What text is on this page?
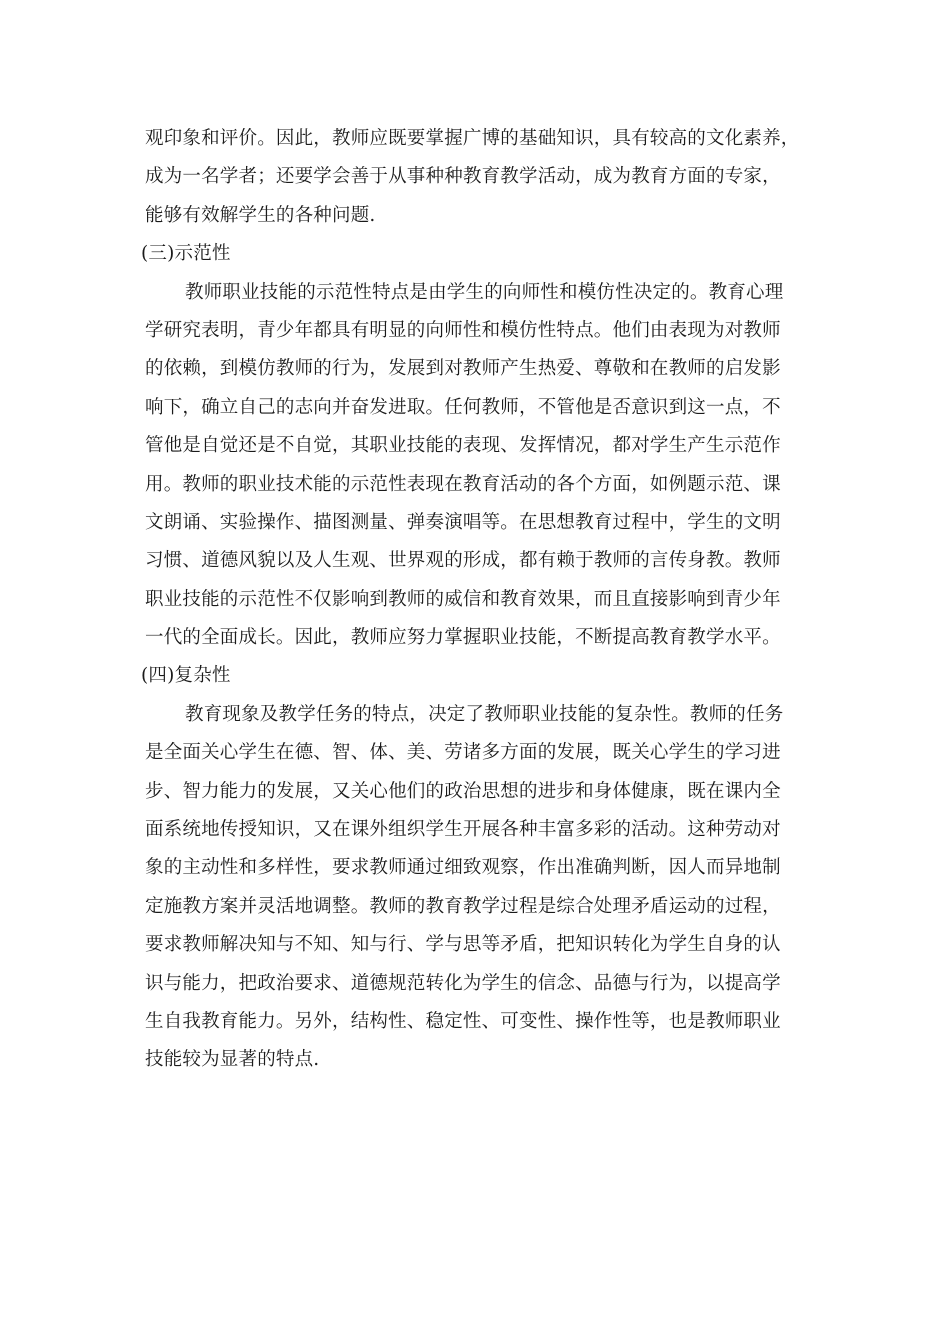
观印象和评价。因此，教师应既要掌握广博的基础知识，具有较高的文化素养，
成为一名学者；还要学会善于从事种种教育教学活动，成为教育方面的专家，
能够有效解学生的各种问题.
(三)示范性
教师职业技能的示范性特点是由学生的向师性和模仿性决定的。教育心理
学研究表明，青少年都具有明显的向师性和模仿性特点。他们由表现为对教师
的依赖，到模仿教师的行为，发展到对教师产生热爱、尊敬和在教师的启发影
响下，确立自己的志向并奋发进取。任何教师，不管他是否意识到这一点，不
管他是自觉还是不自觉，其职业技能的表现、发挥情况，都对学生产生示范作
用。教师的职业技术能的示范性表现在教育活动的各个方面，如例题示范、课
文朗诵、实验操作、描图测量、弹奏演唱等。在思想教育过程中，学生的文明
习惯、道德风貌以及人生观、世界观的形成，都有赖于教师的言传身教。教师
职业技能的示范性不仅影响到教师的威信和教育效果，而且直接影响到青少年
一代的全面成长。因此，教师应努力掌握职业技能，不断提高教育教学水平。
(四)复杂性
教育现象及教学任务的特点，决定了教师职业技能的复杂性。教师的任务
是全面关心学生在德、智、体、美、劳诸多方面的发展，既关心学生的学习进
步、智力能力的发展，又关心他们的政治思想的进步和身体健康，既在课内全
面系统地传授知识，又在课外组织学生开展各种丰富多彩的活动。这种劳动对
象的主动性和多样性，要求教师通过细致观察，作出准确判断，因人而异地制
定施教方案并灵活地调整。教师的教育教学过程是综合处理矛盾运动的过程，
要求教师解决知与不知、知与行、学与思等矛盾，把知识转化为学生自身的认
识与能力，把政治要求、道德规范转化为学生的信念、品德与行为，以提高学
生自我教育能力。另外，结构性、稳定性、可变性、操作性等，也是教师职业
技能较为显著的特点.
